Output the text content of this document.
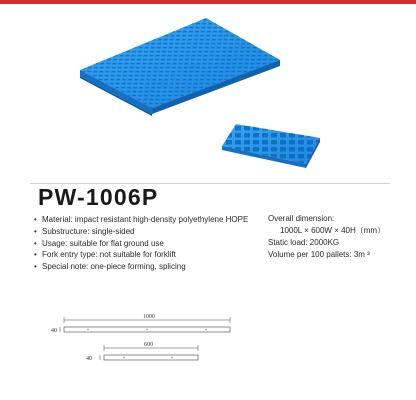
PW-1006P
• Material: impact resistant high-density polyethylene HOPE
• Substructure: single-sided
• Usage: suitable for flat ground use
• Fork entry type: not suitable for forklift
• Special note: one-piece forming, splicing
Overall dimension:
1000L × 600W × 40H（mm）
Static load: 2000KG
Volume per 100 pallets: 3m ³
1000
40
600
40
